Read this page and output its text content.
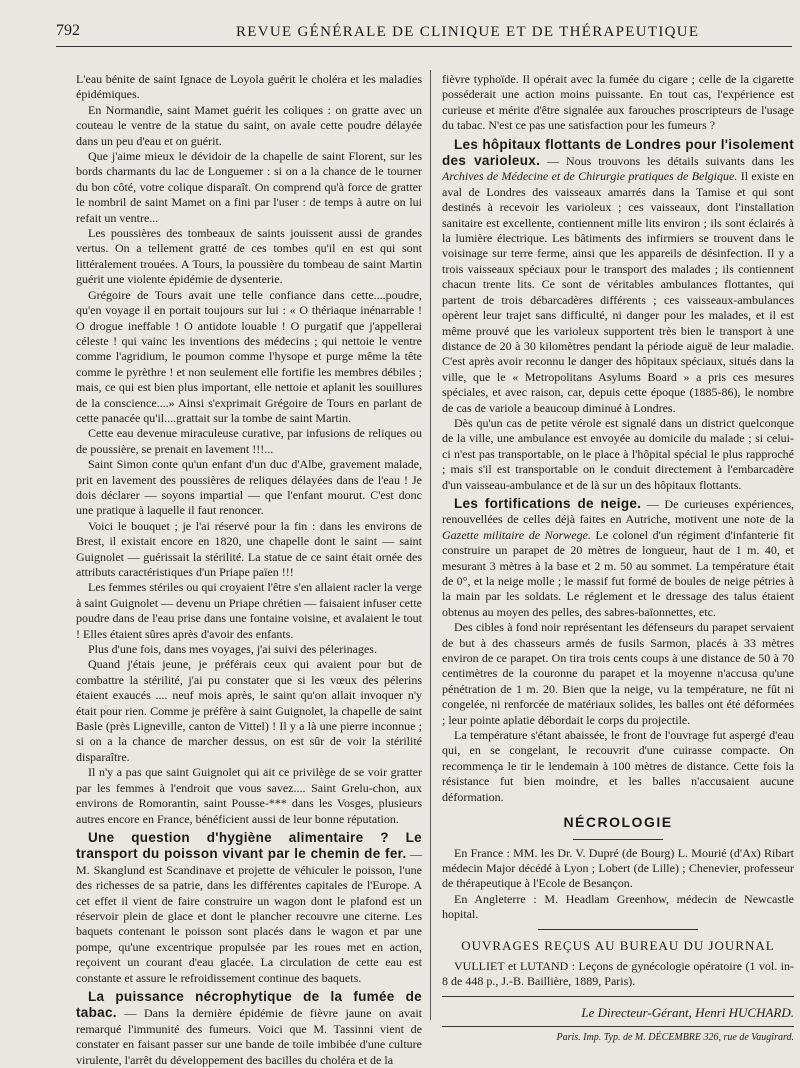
792	REVUE GÉNÉRALE DE CLINIQUE ET DE THÉRAPEUTIQUE

L'eau bénite de saint Ignace de Loyola guérit le choléra et les maladies épidémiques.

En Normandie, saint Mamet guérit les coliques : on gratte avec un couteau le ventre de la statue du saint, on avale cette poudre délayée dans un peu d'eau et on guérit.

Que j'aime mieux le dévidoir de la chapelle de saint Florent, sur les bords charmants du lac de Longuemer : si on a la chance de le tourner du bon côté, votre colique disparaît. On comprend qu'à force de gratter le nombril de saint Mamet on a fini par l'user : de temps à autre on lui refait un ventre...

Les poussières des tombeaux de saints jouissent aussi de grandes vertus. On a tellement gratté de ces tombes qu'il en est qui sont littéralement trouées. A Tours, la poussière du tombeau de saint Martin guérit une violente épidémie de dysenterie.

Grégoire de Tours avait une telle confiance dans cette....poudre, qu'en voyage il en portait toujours sur lui : « O thériaque inénarrable ! O drogue ineffable ! O antidote louable ! O purgatif que j'appellerai céleste ! qui vainc les inventions des médecins ; qui nettoie le ventre comme l'agridium, le poumon comme l'hysope et purge même la tête comme le pyrèthre ! et non seulement elle fortifie les membres débiles ; mais, ce qui est bien plus important, elle nettoie et aplanit les souillures de la conscience....» Ainsi s'exprimait Grégoire de Tours en parlant de cette panacée qu'il....grattait sur la tombe de saint Martin.

Cette eau devenue miraculeuse curative, par infusions de reliques ou de poussière, se prenait en lavement !!!...

Saint Simon conte qu'un enfant d'un duc d'Albe, gravement malade, prit en lavement des poussières de reliques délayées dans de l'eau ! Je dois déclarer — soyons impartial — que l'enfant mourut. C'est donc une pratique à laquelle il faut renoncer.

Voici le bouquet ; je l'ai réservé pour la fin : dans les environs de Brest, il existait encore en 1820, une chapelle dont le saint — saint Guignolet — guérissait la stérilité. La statue de ce saint était ornée des attributs caractéristiques d'un Priape païen !!!

Les femmes stériles ou qui croyaient l'être s'en allaient racler la verge à saint Guignolet — devenu un Priape chrétien — faisaient infuser cette poudre dans de l'eau prise dans une fontaine voisine, et avalaient le tout ! Elles étaient sûres après d'avoir des enfants.

Plus d'une fois, dans mes voyages, j'ai suivi des pélerinages.

Quand j'étais jeune, je préférais ceux qui avaient pour but de combattre la stérilité, j'ai pu constater que si les vœux des pélerins étaient exaucés .... neuf mois après, le saint qu'on allait invoquer n'y était pour rien. Comme je préfère à saint Guignolet, la chapelle de saint Basle (près Ligneville, canton de Vittel) ! Il y a là une pierre inconnue ; si on a la chance de marcher dessus, on est sûr de voir la stérilité disparaître.

Il n'y a pas que saint Guignolet qui ait ce privilège de se voir gratter par les femmes à l'endroit que vous savez.... Saint Grelu-chon, aux environs de Romorantin, saint Pousse-*** dans les Vosges, plusieurs autres encore en France, bénéficient aussi de leur bonne réputation.

Une question d'hygiène alimentaire ? Le transport du poisson vivant par le chemin de fer. — M. Skanglund est Scandinave et projette de véhiculer le poisson, l'une des richesses de sa patrie, dans les différentes capitales de l'Europe. A cet effet il vient de faire construire un wagon dont le plafond est un réservoir plein de glace et dont le plancher recouvre une citerne. Les baquets contenant le poisson sont placés dans le wagon et par une pompe, qu'une excentrique propulsée par les roues met en action, reçoivent un courant d'eau glacée. La circulation de cette eau est constante et assure le refroidissement continue des baquets.

La puissance nécrophytique de la fumée de tabac. — Dans la dernière épidémie de fièvre jaune on avait remarqué l'immunité des fumeurs. Voici que M. Tassinni vient de constater en faisant passer sur une bande de toile imbibée d'une culture virulente, l'arrêt du développement des bacilles du choléra et de la

fièvre typhoïde. Il opérait avec la fumée du cigare ; celle de la cigarette posséderait une action moins puissante. En tout cas, l'expérience est curieuse et mérite d'être signalée aux farouches proscripteurs de l'usage du tabac. N'est ce pas une satisfaction pour les fumeurs ?

Les hôpitaux flottants de Londres pour l'isolement des varioleux. — Nous trouvons les détails suivants dans les Archives de Médecine et de Chirurgie pratiques de Belgique. Il existe en aval de Londres des vaisseaux amarrés dans la Tamise et qui sont destinés à recevoir les varioleux ; ces vaisseaux, dont l'installation sanitaire est excellente, contiennent mille lits environ ; ils sont éclairés à la lumière électrique. Les bâtiments des infirmiers se trouvent dans le voisinage sur terre ferme, ainsi que les appareils de désinfection. Il y a trois vaisseaux spéciaux pour le transport des malades ; ils contiennent chacun trente lits. Ce sont de véritables ambulances flottantes, qui partent de trois débarcadères différents ; ces vaisseaux-ambulances opèrent leur trajet sans difficulté, ni danger pour les malades, et il est même prouvé que les varioleux supportent très bien le transport à une distance de 20 à 30 kilomètres pendant la période aiguë de leur maladie. C'est après avoir reconnu le danger des hôpitaux spéciaux, situés dans la ville, que le « Metropolitans Asylums Board » a pris ces mesures spéciales, et avec raison, car, depuis cette époque (1885-86), le nombre de cas de variole a beaucoup diminué à Londres.

Dès qu'un cas de petite vérole est signalé dans un district quelconque de la ville, une ambulance est envoyée au domicile du malade ; si celui-ci n'est pas transportable, on le place à l'hôpital spécial le plus rapproché ; mais s'il est transportable on le conduit directement à l'embarcadère d'un vaisseau-ambulance et de là sur un des hôpitaux flottants.

Les fortifications de neige. — De curieuses expériences, renouvellées de celles déjà faites en Autriche, motivent une note de la Gazette militaire de Norwege. Le colonel d'un régiment d'infanterie fit construire un parapet de 20 mètres de longueur, haut de 1 m. 40, et mesurant 3 mètres à la base et 2 m. 50 au sommet. La température était de 0°, et la neige molle ; le massif fut formé de boules de neige pétries à la main par les soldats. Le réglement et le dressage des talus étaient obtenus au moyen des pelles, des sabres-baïonnettes, etc.

Des cibles à fond noir représentant les défenseurs du parapet servaient de but à des chasseurs armés de fusils Sarmon, placés à 33 mètres environ de ce parapet. On tira trois cents coups à une distance de 50 à 70 centimètres de la couronne du parapet et la moyenne n'accusa qu'une pénétration de 1 m. 20. Bien que la neige, vu la température, ne fût ni congelée, ni renforcée de matériaux solides, les balles ont été déformées ; leur pointe aplatie débordait le corps du projectile.

La température s'étant abaissée, le front de l'ouvrage fut aspergé d'eau qui, en se congelant, le recouvrit d'une cuirasse compacte. On recommença le tir le lendemain à 100 mètres de distance. Cette fois la résistance fut bien moindre, et les balles n'accusaient aucune déformation.

NÉCROLOGIE

En France : MM. les Dr. V. Dupré (de Bourg) L. Mourié (d'Ax) Ribart médecin Major décédé à Lyon ; Lobert (de Lille) ; Chenevier, professeur de thérapeutique à l'Ecole de Besançon.

En Angleterre : M. Headlam Greenhow, médecin de Newcastle hopital.

OUVRAGES REÇUS AU BUREAU DU JOURNAL

VULLIET et LUTAND : Leçons de gynécologie opératoire (1 vol. in-8 de 448 p., J.-B. Baillière, 1889, Paris).

Le Directeur-Gérant, Henri HUCHARD.
Paris. Imp. Typ. de M. DÉCEMBRE 326, rue de Vaugirard.
